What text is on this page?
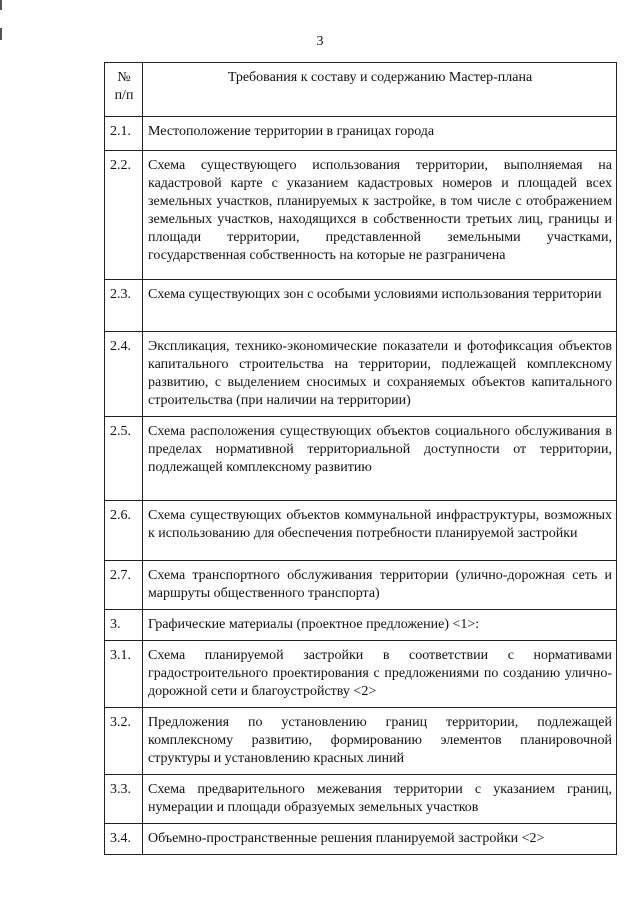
3
№
п/п	Требования к составу и содержанию Мастер-плана
2.1.	Местоположение территории в границах города
2.2.	Схема существующего использования территории, выполняемая на кадастровой карте с указанием кадастровых номеров и площадей всех земельных участков, планируемых к застройке, в том числе с отображением земельных участков, находящихся в собственности третьих лиц, границы и площади территории, представленной земельными участками, государственная собственность на которые не разграничена
2.3.	Схема существующих зон с особыми условиями использования территории
2.4.	Экспликация, технико-экономические показатели и фотофиксация объектов капитального строительства на территории, подлежащей комплексному развитию, с выделением сносимых и сохраняемых объектов капитального строительства (при наличии на территории)
2.5.	Схема расположения существующих объектов социального обслуживания в пределах нормативной территориальной доступности от территории, подлежащей комплексному развитию
2.6.	Схема существующих объектов коммунальной инфраструктуры, возможных к использованию для обеспечения потребности планируемой застройки
2.7.	Схема транспортного обслуживания территории (улично-дорожная сеть и маршруты общественного транспорта)
3.	Графические материалы (проектное предложение) <1>:
3.1.	Схема планируемой застройки в соответствии с нормативами градостроительного проектирования с предложениями по созданию улично-дорожной сети и благоустройству <2>
3.2.	Предложения по установлению границ территории, подлежащей комплексному развитию, формированию элементов планировочной структуры и установлению красных линий
3.3.	Схема предварительного межевания территории с указанием границ, нумерации и площади образуемых земельных участков
3.4.	Объемно-пространственные решения планируемой застройки <2>
